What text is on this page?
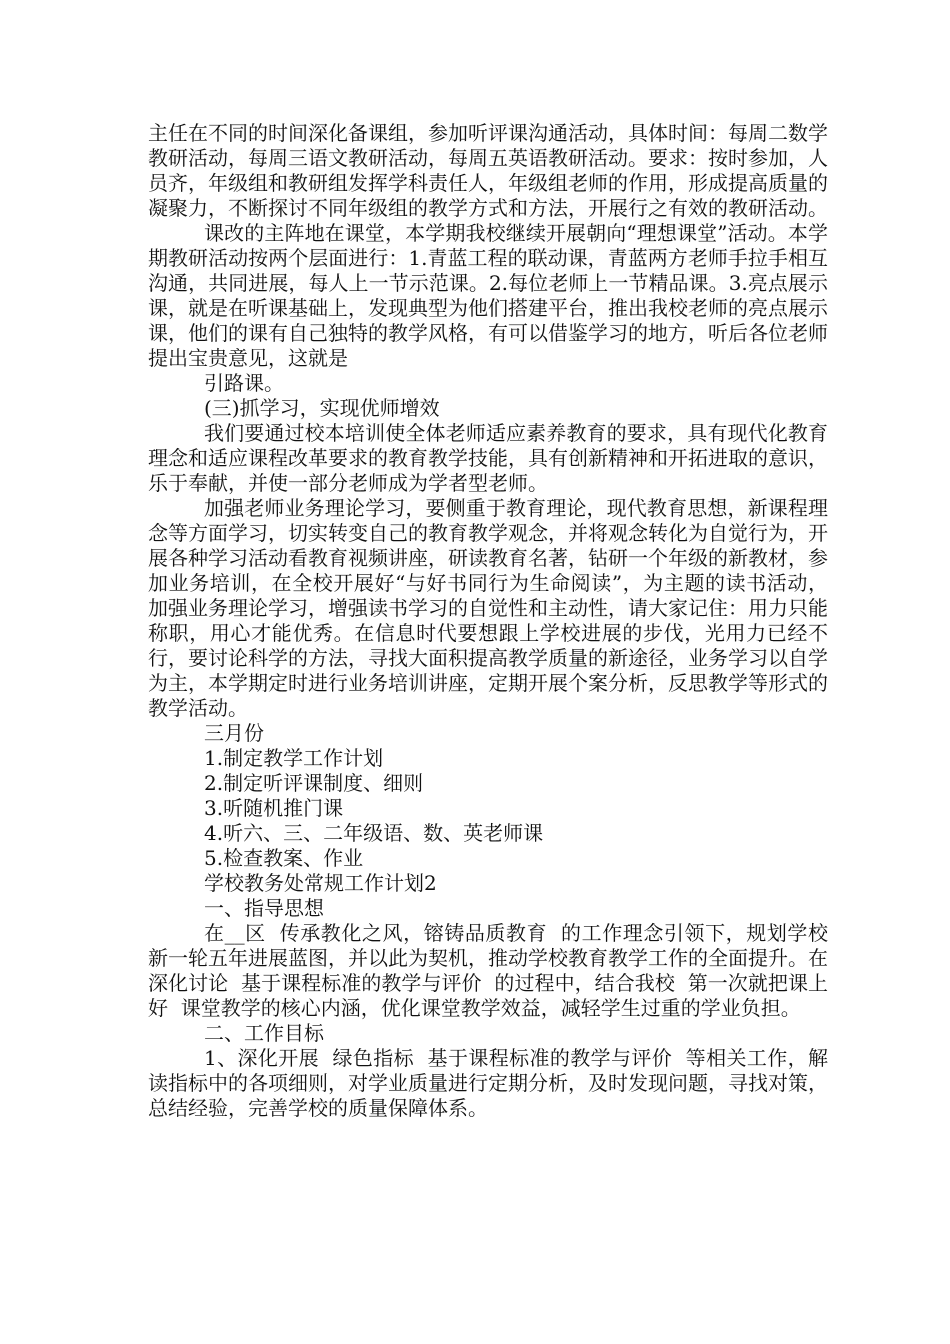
主任在不同的时间深化备课组，参加听评课沟通活动，具体时间：每周二数学教研活动，每周三语文教研活动，每周五英语教研活动。要求：按时参加，人员齐，年级组和教研组发挥学科责任人，年级组老师的作用，形成提高质量的凝聚力，不断探讨不同年级组的教学方式和方法，开展行之有效的教研活动。

课改的主阵地在课堂，本学期我校继续开展朝向“理想课堂”活动。本学期教研活动按两个层面进行：1.青蓝工程的联动课，青蓝两方老师手拉手相互沟通，共同进展，每人上一节示范课。2.每位老师上一节精品课。3.亮点展示课，就是在听课基础上，发现典型为他们搭建平台，推出我校老师的亮点展示课，他们的课有自己独特的教学风格，有可以借鉴学习的地方，听后各位老师提出宝贵意见，这就是

引路课。

(三)抓学习，实现优师增效

我们要通过校本培训使全体老师适应素养教育的要求，具有现代化教育理念和适应课程改革要求的教育教学技能，具有创新精神和开拓进取的意识，乐于奉献，并使一部分老师成为学者型老师。

加强老师业务理论学习，要侧重于教育理论，现代教育思想，新课程理念等方面学习，切实转变自己的教育教学观念，并将观念转化为自觉行为，开展各种学习活动看教育视频讲座，研读教育名著，钻研一个年级的新教材，参加业务培训，在全校开展好“与好书同行为生命阅读”，为主题的读书活动，加强业务理论学习，增强读书学习的自觉性和主动性，请大家记住：用力只能称职，用心才能优秀。在信息时代要想跟上学校进展的步伐，光用力已经不行，要讨论科学的方法，寻找大面积提高教学质量的新途径，业务学习以自学为主，本学期定时进行业务培训讲座，定期开展个案分析，反思教学等形式的教学活动。

三月份

1.制定教学工作计划

2.制定听评课制度、细则

3.听随机推门课

4.听六、三、二年级语、数、英老师课

5.检查教案、作业

学校教务处常规工作计划2

一、指导思想

在__区  传承教化之风，镕铸品质教育  的工作理念引领下，规划学校新一轮五年进展蓝图，并以此为契机，推动学校教育教学工作的全面提升。在深化讨论  基于课程标准的教学与评价  的过程中，结合我校  第一次就把课上好  课堂教学的核心内涵，优化课堂教学效益，减轻学生过重的学业负担。

二、工作目标

1、深化开展  绿色指标  基于课程标准的教学与评价  等相关工作，解读指标中的各项细则，对学业质量进行定期分析，及时发现问题，寻找对策，总结经验，完善学校的质量保障体系。
